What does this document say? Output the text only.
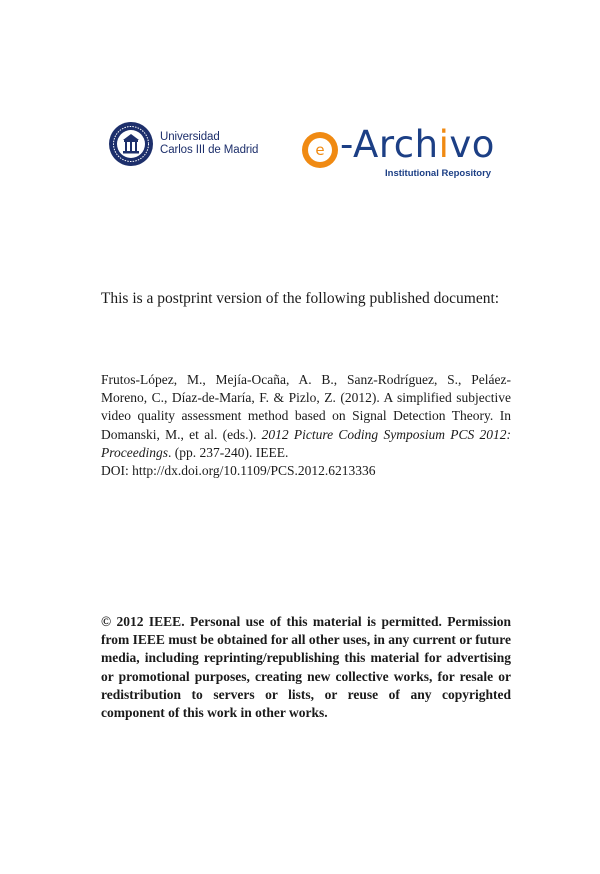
Universidad
Carlos III de Madrid	e -Archivo
Institutional Repository
This is a postprint version of the following published document:
Frutos-López, M., Mejía-Ocaña, A. B., Sanz-Rodríguez, S., Peláez-Moreno, C., Díaz-de-María, F. & Pizlo, Z. (2012). A simplified subjective video quality assessment method based on Signal Detection Theory. In Domanski, M., et al. (eds.). 2012 Picture Coding Symposium PCS 2012: Proceedings. (pp. 237-240). IEEE.
DOI: http://dx.doi.org/10.1109/PCS.2012.6213336
© 2012 IEEE. Personal use of this material is permitted. Permission from IEEE must be obtained for all other uses, in any current or future media, including reprinting/republishing this material for advertising or promotional purposes, creating new collective works, for resale or redistribution to servers or lists, or reuse of any copyrighted component of this work in other works.
